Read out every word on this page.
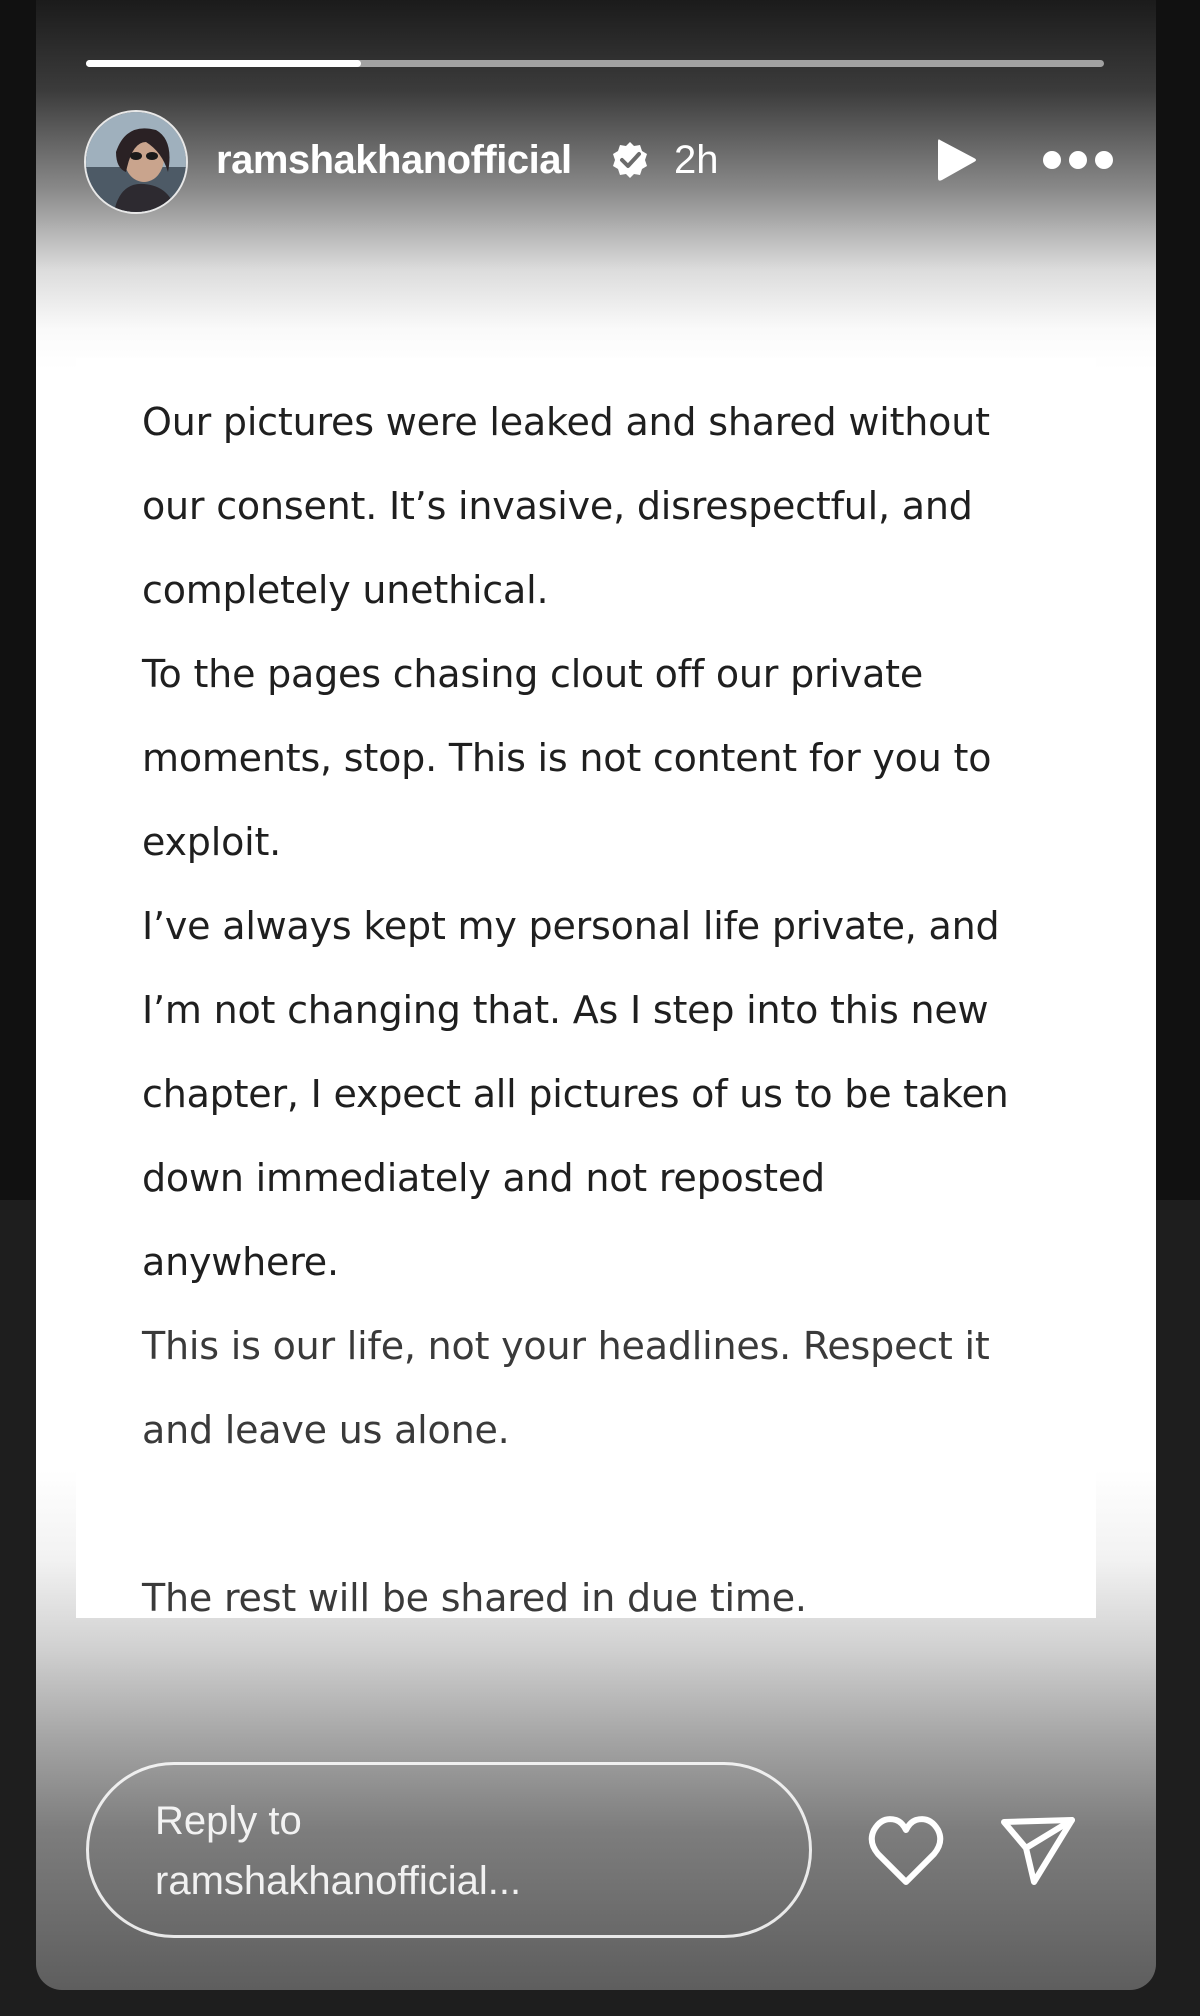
ramshakhanofficial	2h
Our pictures were leaked and shared without
our consent. It’s invasive, disrespectful, and
completely unethical.
To the pages chasing clout off our private
moments, stop. This is not content for you to
exploit.
I’ve always kept my personal life private, and
I’m not changing that. As I step into this new
chapter, I expect all pictures of us to be taken
down immediately and not reposted
anywhere.
This is our life, not your headlines. Respect it
and leave us alone.
The rest will be shared in due time.
Reply to
ramshakhanofficial...
